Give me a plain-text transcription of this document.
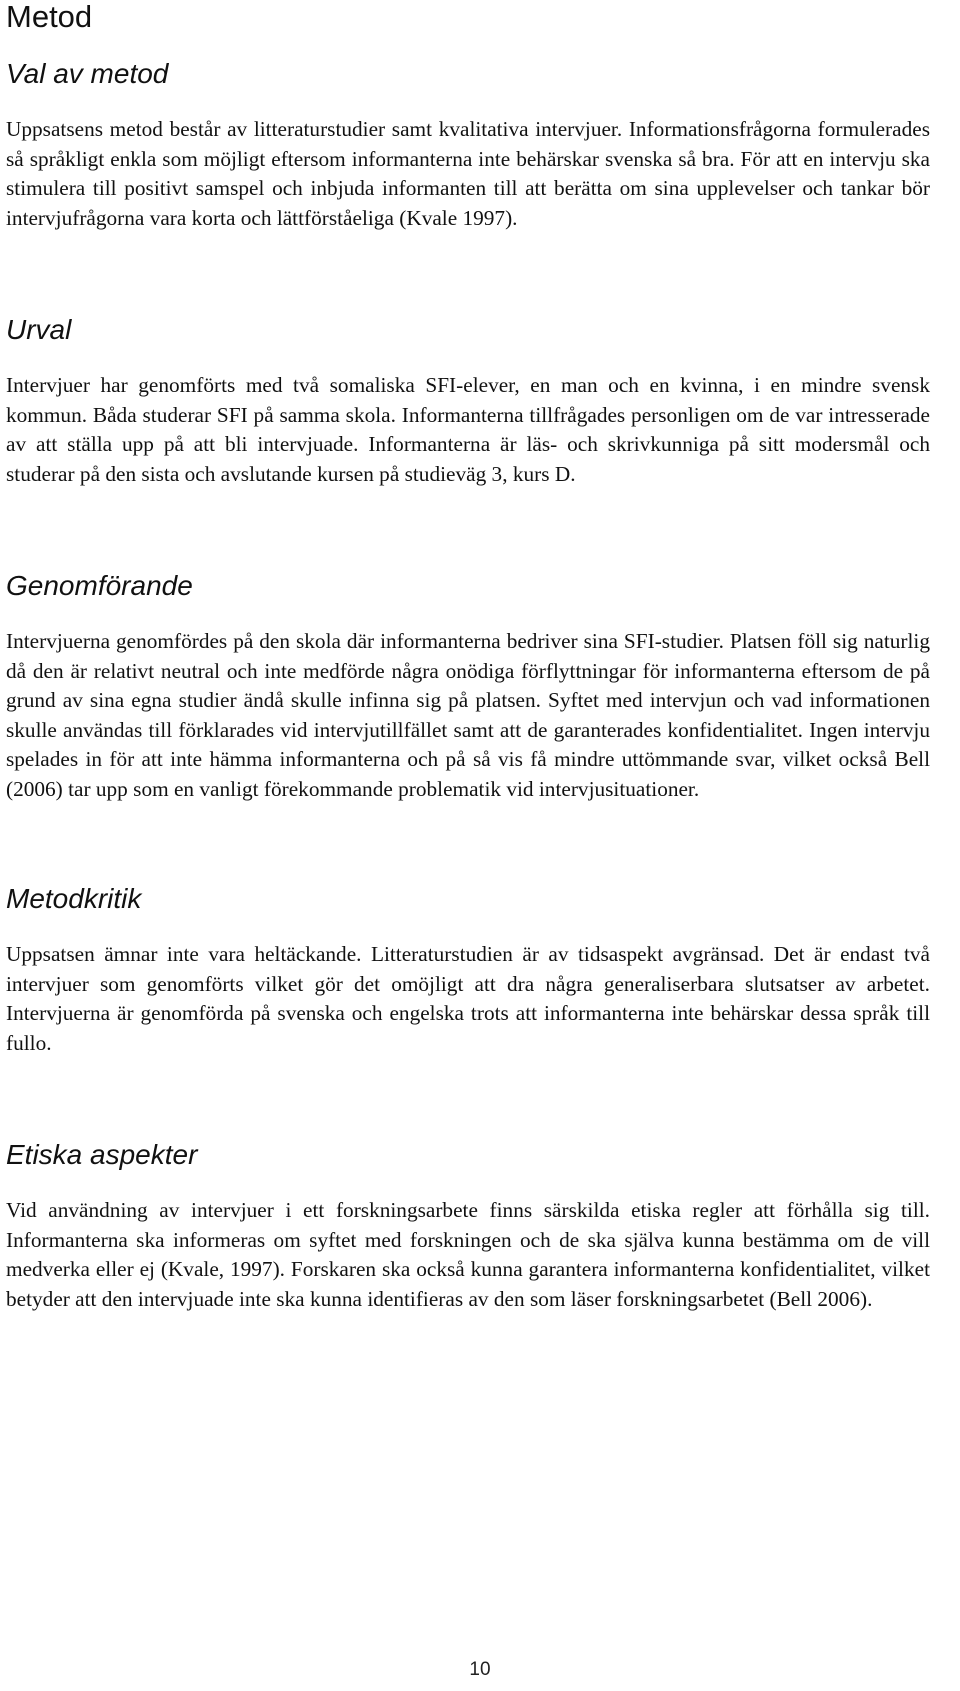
Metod
Val av metod

Uppsatsens metod består av litteraturstudier samt kvalitativa intervjuer. Informationsfrågorna formulerades så språkligt enkla som möjligt eftersom informanterna inte behärskar svenska så bra. För att en intervju ska stimulera till positivt samspel och inbjuda informanten till att berätta om sina upplevelser och tankar bör intervjufrågorna vara korta och lättförståeliga (Kvale 1997).

Urval

Intervjuer har genomförts med två somaliska SFI-elever, en man och en kvinna, i en mindre svensk kommun. Båda studerar SFI på samma skola. Informanterna tillfrågades personligen om de var intresserade av att ställa upp på att bli intervjuade. Informanterna är läs- och skrivkunniga på sitt modersmål och studerar på den sista och avslutande kursen på studieväg 3, kurs D.

Genomförande

Intervjuerna genomfördes på den skola där informanterna bedriver sina SFI-studier. Platsen föll sig naturlig då den är relativt neutral och inte medförde några onödiga förflyttningar för informanterna eftersom de på grund av sina egna studier ändå skulle infinna sig på platsen. Syftet med intervjun och vad informationen skulle användas till förklarades vid intervjutillfället samt att de garanterades konfidentialitet. Ingen intervju spelades in för att inte hämma informanterna och på så vis få mindre uttömmande svar, vilket också Bell (2006) tar upp som en vanligt förekommande problematik vid intervjusituationer.

Metodkritik

Uppsatsen ämnar inte vara heltäckande. Litteraturstudien är av tidsaspekt avgränsad. Det är endast två intervjuer som genomförts vilket gör det omöjligt att dra några generaliserbara slutsatser av arbetet. Intervjuerna är genomförda på svenska och engelska trots att informanterna inte behärskar dessa språk till fullo.

Etiska aspekter

Vid användning av intervjuer i ett forskningsarbete finns särskilda etiska regler att förhålla sig till. Informanterna ska informeras om syftet med forskningen och de ska själva kunna bestämma om de vill medverka eller ej (Kvale, 1997). Forskaren ska också kunna garantera informanterna konfidentialitet, vilket betyder att den intervjuade inte ska kunna identifieras av den som läser forskningsarbetet (Bell 2006).

10
